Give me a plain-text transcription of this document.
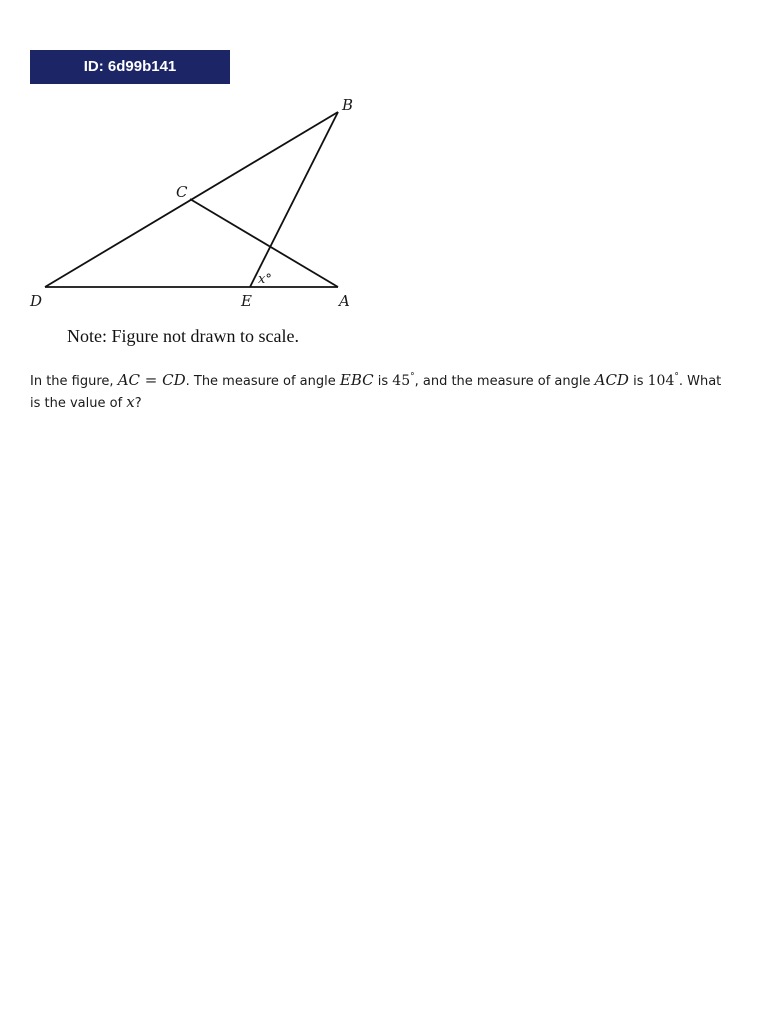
ID: 6d99b141
B
C
D	E	A
x°
Note: Figure not drawn to scale.
In the figure, AC = CD. The measure of angle EBC is 45°, and the measure of angle ACD is 104°. What is the value of x?
